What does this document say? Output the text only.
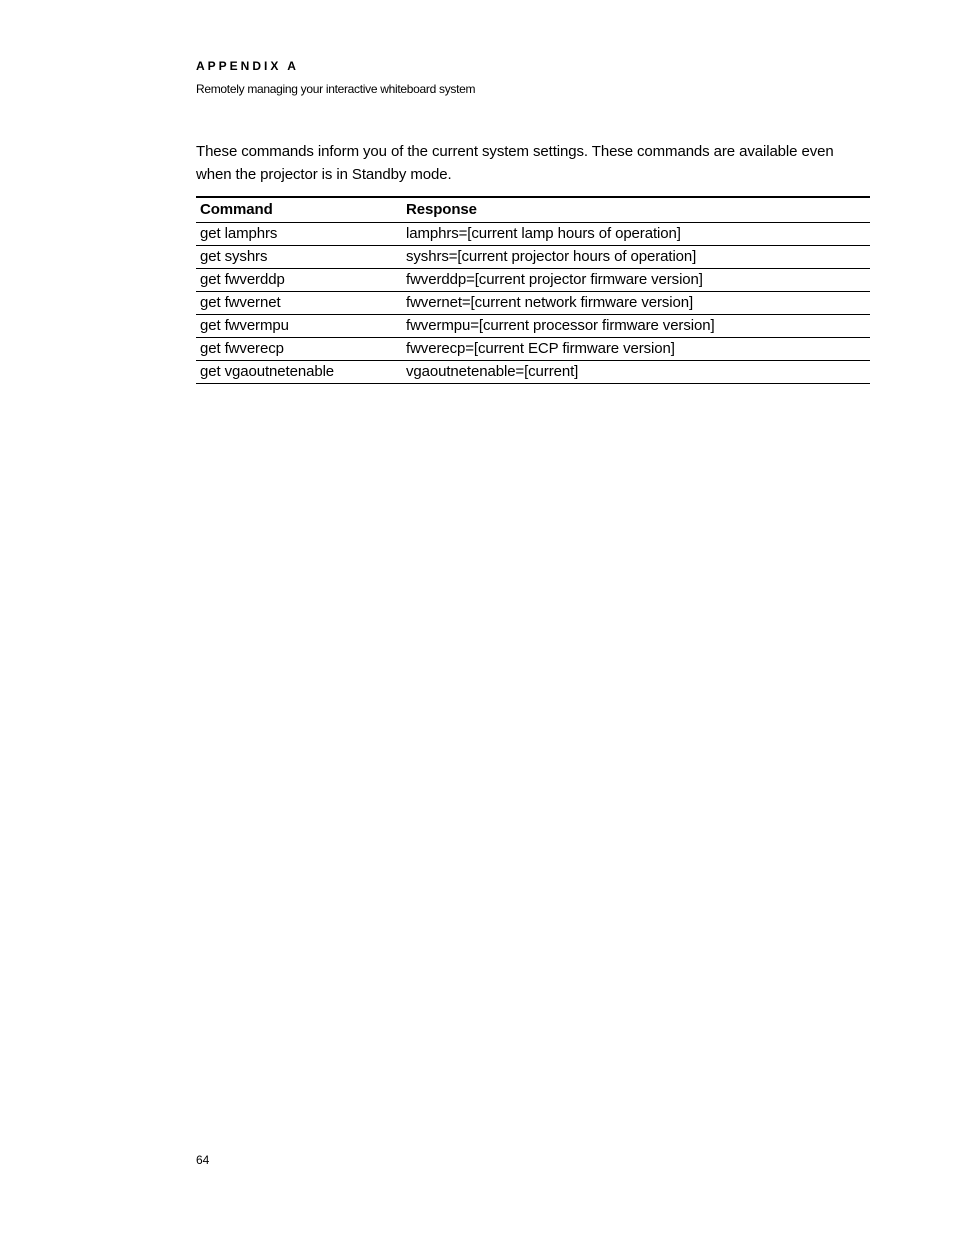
APPENDIX A
Remotely managing your interactive whiteboard system

These commands inform you of the current system settings. These commands are available even when the projector is in Standby mode.

Command	Response
get lamphrs	lamphrs=[current lamp hours of operation]
get syshrs	syshrs=[current projector hours of operation]
get fwverddp	fwverddp=[current projector firmware version]
get fwvernet	fwvernet=[current network firmware version]
get fwvermpu	fwvermpu=[current processor firmware version]
get fwverecp	fwverecp=[current ECP firmware version]
get vgaoutnetenable	vgaoutnetenable=[current]
64
